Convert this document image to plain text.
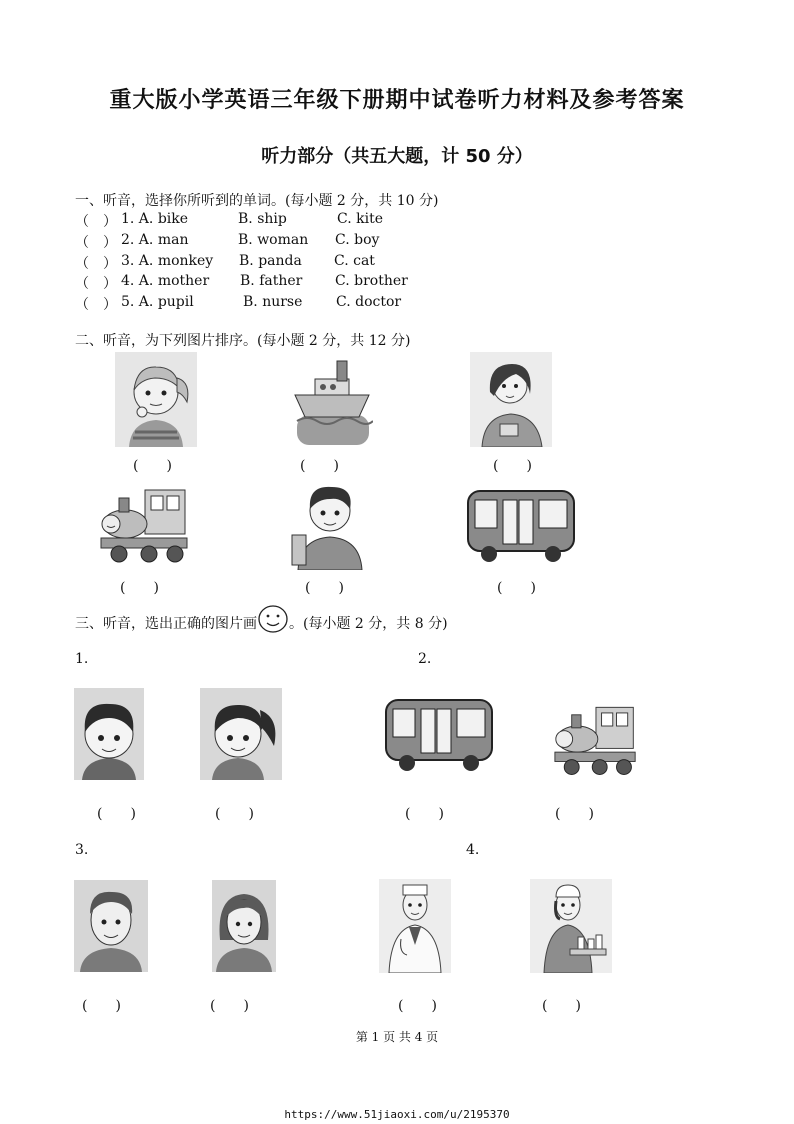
重大版小学英语三年级下册期中试卷听力材料及参考答案
听力部分（共五大题，计 50 分）
一、听音，选择你所听到的单词。(每小题 2 分，共 10 分)
（　） 1. A. bike	B. ship	C. kite
（　） 2. A. man	B. woman C. boy
（　） 3. A. monkey B. panda C. cat
（　） 4. A. mother B. father C. brother
（　） 5. A. pupil	B. nurse C. doctor
二、听音，为下列图片排序。(每小题 2 分，共 12 分)
(　　)	(　　)	(　　)
(　　)	(　　)	(　　)
三、听音，选出正确的图片画 。(每小题 2 分，共 8 分)
1.	2.
(　　)	(　　)	(　　)	(　　)
3.	4.
(　　)	(　　)	(　　)	(　　)
第 1 页 共 4 页
https://www.51jiaoxi.com/u/2195370
